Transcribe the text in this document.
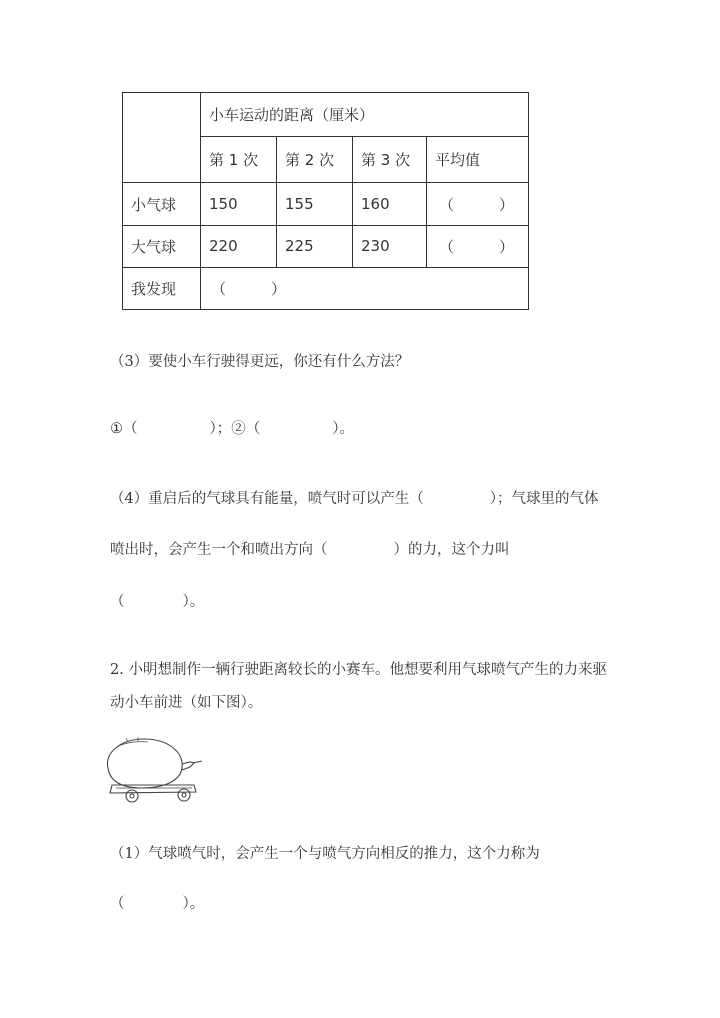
	小车运动的距离（厘米）			
	第 1 次	第 2 次	第 3 次	平均值
小气球	150	155	160	（　　　）
大气球	220	225	230	（　　　）
我发现	（　　　）			
（3）要使小车行驶得更远，你还有什么方法？
①（	）；②（	）。
（4）重启后的气球具有能量，喷气时可以产生（	）；气球里的气体
喷出时，会产生一个和喷出方向（	）的力，这个力叫
（	）。
2. 小明想制作一辆行驶距离较长的小赛车。他想要利用气球喷气产生的力来驱
动小车前进（如下图）。
（1）气球喷气时，会产生一个与喷气方向相反的推力，这个力称为
（	）。
